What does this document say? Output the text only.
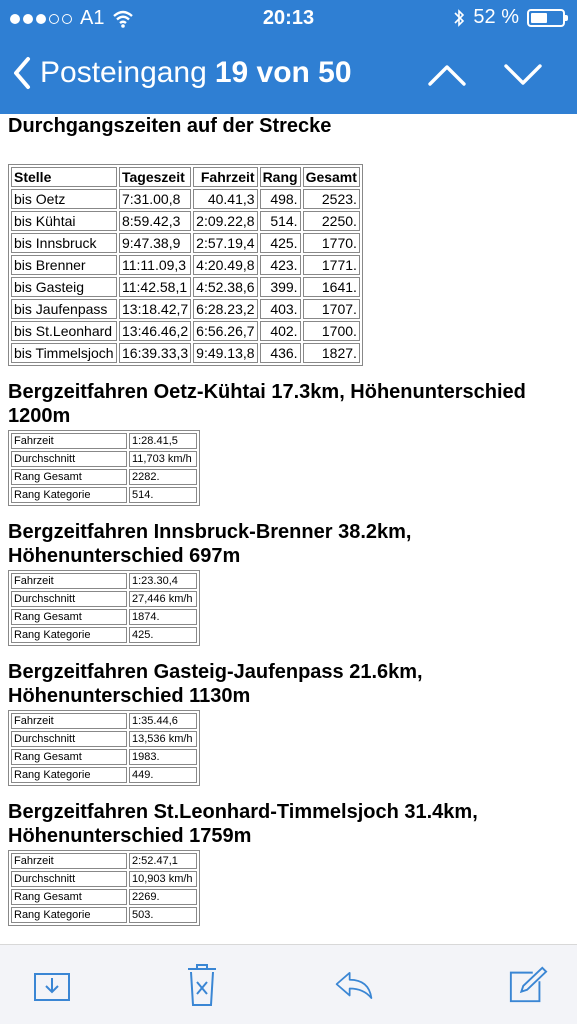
A1	20:13	52 %
Posteingang 19 von 50
Durchgangszeiten auf der Strecke
Stelle	Tageszeit	Fahrzeit	Rang	Gesamt
bis Oetz	7:31.00,8	40.41,3	498.	2523.
bis Kühtai	8:59.42,3	2:09.22,8	514.	2250.
bis Innsbruck	9:47.38,9	2:57.19,4	425.	1770.
bis Brenner	11:11.09,3	4:20.49,8	423.	1771.
bis Gasteig	11:42.58,1	4:52.38,6	399.	1641.
bis Jaufenpass	13:18.42,7	6:28.23,2	403.	1707.
bis St.Leonhard	13:46.46,2	6:56.26,7	402.	1700.
bis Timmelsjoch	16:39.33,3	9:49.13,8	436.	1827.
Bergzeitfahren Oetz-Kühtai 17.3km, Höhenunterschied 1200m
Fahrzeit	1:28.41,5
Durchschnitt	11,703 km/h
Rang Gesamt	2282.
Rang Kategorie	514.
Bergzeitfahren Innsbruck-Brenner 38.2km, Höhenunterschied 697m
Fahrzeit	1:23.30,4
Durchschnitt	27,446 km/h
Rang Gesamt	1874.
Rang Kategorie	425.
Bergzeitfahren Gasteig-Jaufenpass 21.6km, Höhenunterschied 1130m
Fahrzeit	1:35.44,6
Durchschnitt	13,536 km/h
Rang Gesamt	1983.
Rang Kategorie	449.
Bergzeitfahren St.Leonhard-Timmelsjoch 31.4km, Höhenunterschied 1759m
Fahrzeit	2:52.47,1
Durchschnitt	10,903 km/h
Rang Gesamt	2269.
Rang Kategorie	503.
